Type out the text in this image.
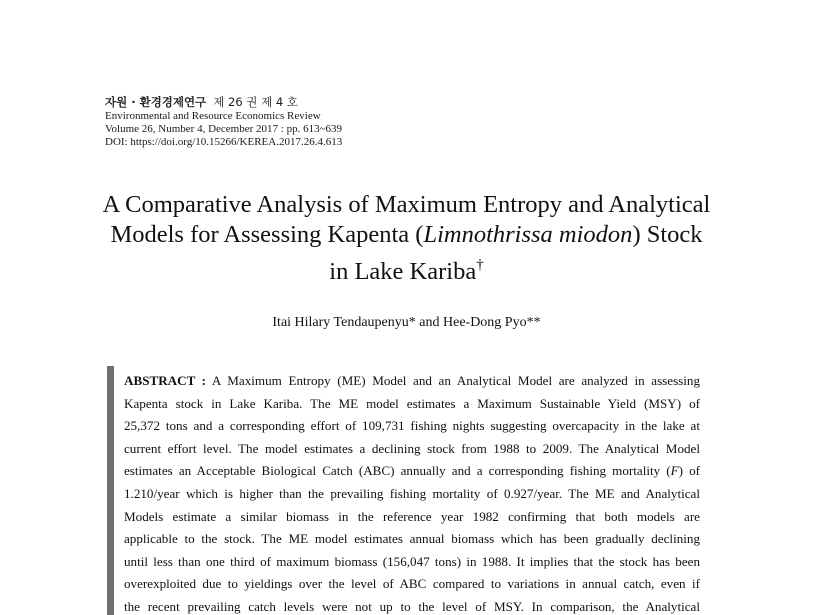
자원 · 환경경제연구 제 26 권 제 4 호
Environmental and Resource Economics Review
Volume 26, Number 4, December 2017 : pp. 613~639
DOI: https://doi.org/10.15266/KEREA.2017.26.4.613
A Comparative Analysis of Maximum Entropy and Analytical
Models for Assessing Kapenta (Limnothrissa miodon) Stock
in Lake Kariba†
Itai Hilary Tendaupenyu* and Hee-Dong Pyo**
ABSTRACT : A Maximum Entropy (ME) Model and an Analytical Model are analyzed in assessing
Kapenta stock in Lake Kariba. The ME model estimates a Maximum Sustainable Yield (MSY) of
25,372 tons and a corresponding effort of 109,731 fishing nights suggesting overcapacity in the lake at
current effort level. The model estimates a declining stock from 1988 to 2009. The Analytical Model
estimates an Acceptable Biological Catch (ABC) annually and a corresponding fishing mortality (F) of
1.210/year which is higher than the prevailing fishing mortality of 0.927/year. The ME and Analytical
Models estimate a similar biomass in the reference year 1982 confirming that both models are
applicable to the stock. The ME model estimates annual biomass which has been gradually declining
until less than one third of maximum biomass (156,047 tons) in 1988. It implies that the stock has been
overexploited due to yieldings over the level of ABC compared to variations in annual catch, even if
the recent prevailing catch levels were not up to the level of MSY. In comparison, the Analytical
